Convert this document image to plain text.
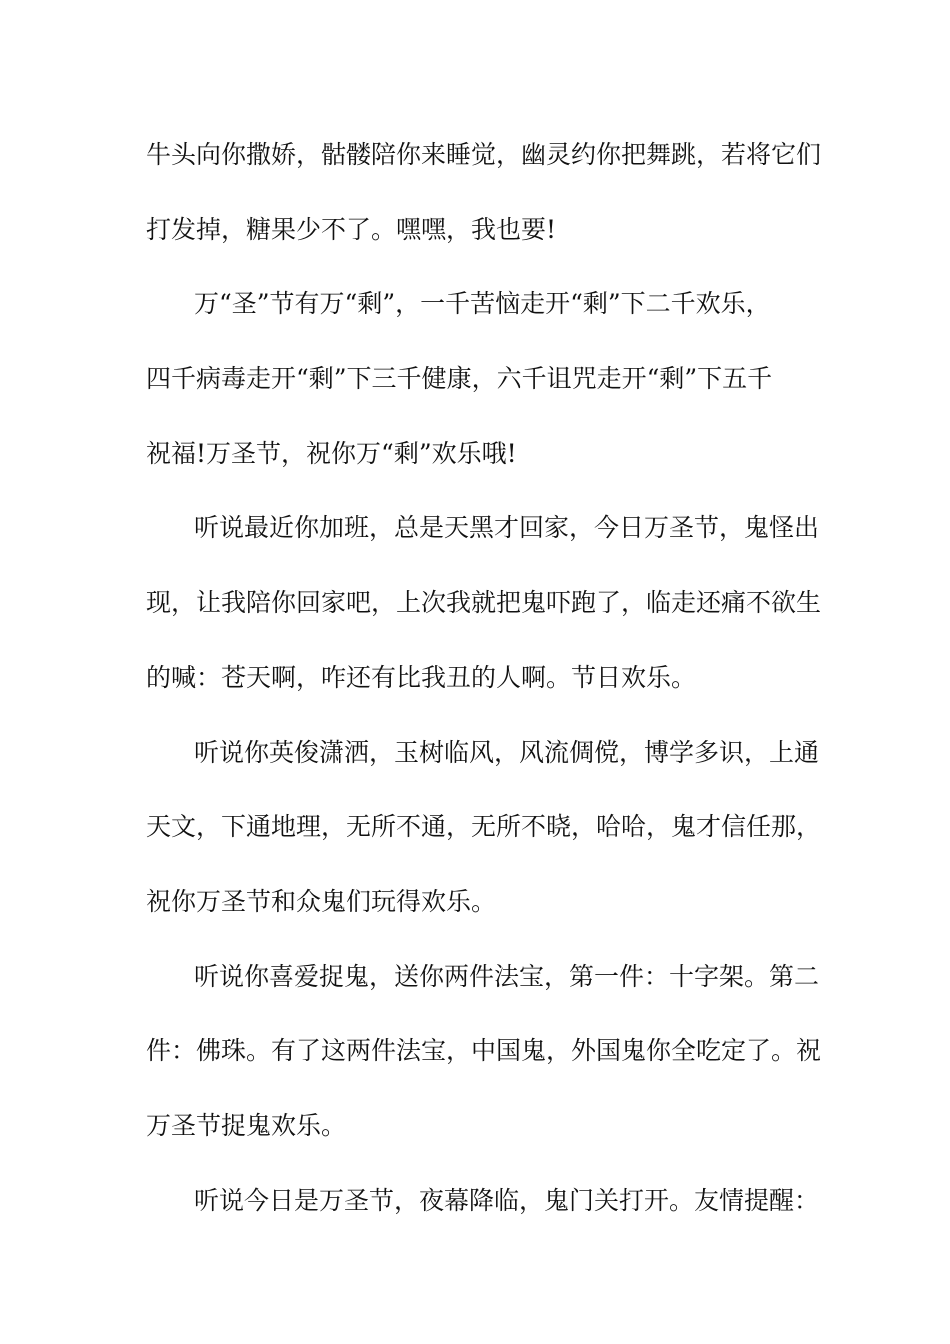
牛头向你撒娇，骷髅陪你来睡觉，幽灵约你把舞跳，若将它们
打发掉，糖果少不了。嘿嘿，我也要!
万“圣”节有万“剩”，一千苦恼走开“剩”下二千欢乐，
四千病毒走开“剩”下三千健康，六千诅咒走开“剩”下五千
祝福!万圣节，祝你万“剩”欢乐哦!
听说最近你加班，总是天黑才回家，今日万圣节，鬼怪出
现，让我陪你回家吧，上次我就把鬼吓跑了，临走还痛不欲生
的喊：苍天啊，咋还有比我丑的人啊。节日欢乐。
听说你英俊潇洒，玉树临风，风流倜傥，博学多识，上通
天文，下通地理，无所不通，无所不晓，哈哈，鬼才信任那，
祝你万圣节和众鬼们玩得欢乐。
听说你喜爱捉鬼，送你两件法宝，第一件：十字架。第二
件：佛珠。有了这两件法宝，中国鬼，外国鬼你全吃定了。祝
万圣节捉鬼欢乐。
听说今日是万圣节，夜幕降临，鬼门关打开。友情提醒：
